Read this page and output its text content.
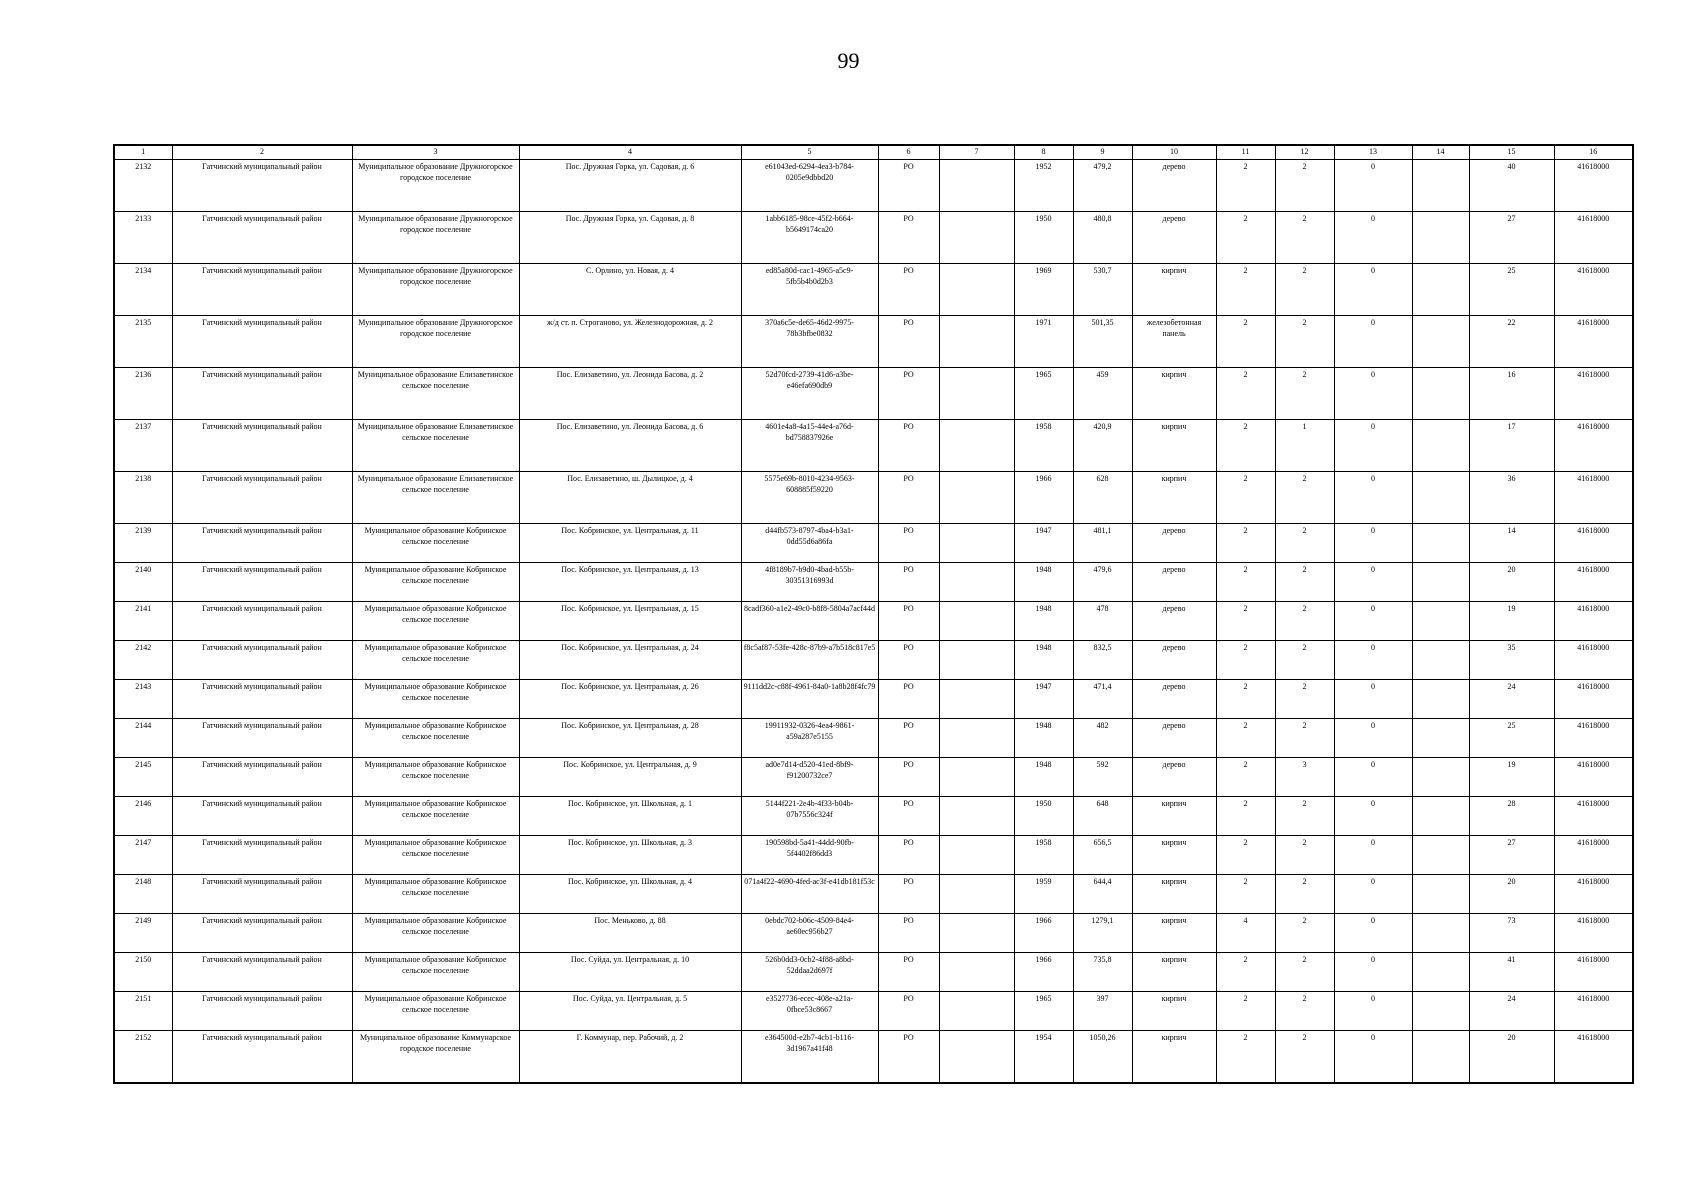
99
1	2	3	4	5	6	7	8	9	10	11	12	13	14	15	16
2132	Гатчинский муниципальный район	Муниципальное образование Дружногорское городское поселение	Пос. Дружная Горка, ул. Садовая, д. 6	e61043ed-6294-4ea3-b784-0205e9dbbd20	РО		1952	479,2	дерево	2	2	0		40	41618000
2133	Гатчинский муниципальный район	Муниципальное образование Дружногорское городское поселение	Пос. Дружная Горка, ул. Садовая, д. 8	1abb6185-98ce-45f2-b664-b5649174ca20	РО		1950	480,8	дерево	2	2	0		27	41618000
2134	Гатчинский муниципальный район	Муниципальное образование Дружногорское городское поселение	С. Орлино, ул. Новая, д. 4	ed85a80d-cac1-4965-a5c9-5fb5b4b0d2b3	РО		1969	530,7	кирпич	2	2	0		25	41618000
2135	Гатчинский муниципальный район	Муниципальное образование Дружногорское городское поселение	ж/д ст. п. Строганово, ул. Железнодорожная, д. 2	370a6c5e-de65-46d2-9975-78b3bfbe0832	РО		1971	501,35	железобетонная панель	2	2	0		22	41618000
2136	Гатчинский муниципальный район	Муниципальное образование Елизаветинское сельское поселение	Пос. Елизаветино, ул. Леонида Басова, д. 2	52d70fcd-2739-41d6-a3be-e46efa690db9	РО		1965	459	кирпич	2	2	0		16	41618000
2137	Гатчинский муниципальный район	Муниципальное образование Елизаветинское сельское поселение	Пос. Елизаветино, ул. Леонида Басова, д. 6	4601e4a8-4a15-44e4-a76d-bd758837926e	РО		1958	420,9	кирпич	2	1	0		17	41618000
2138	Гатчинский муниципальный район	Муниципальное образование Елизаветинское сельское поселение	Пос. Елизаветино, ш. Дылицкое, д. 4	5575e69b-8010-4234-9563-608885f59220	РО		1966	628	кирпич	2	2	0		36	41618000
2139	Гатчинский муниципальный район	Муниципальное образование Кобринское сельское поселение	Пос. Кобринское, ул. Центральная, д. 11	d44fb573-8797-4ba4-b3a1-0dd55d6a86fa	РО		1947	481,1	дерево	2	2	0		14	41618000
2140	Гатчинский муниципальный район	Муниципальное образование Кобринское сельское поселение	Пос. Кобринское, ул. Центральная, д. 13	4f8189b7-b9d0-4bad-b55b-30351316993d	РО		1948	479,6	дерево	2	2	0		20	41618000
2141	Гатчинский муниципальный район	Муниципальное образование Кобринское сельское поселение	Пос. Кобринское, ул. Центральная, д. 15	8cadf360-a1e2-49c0-b8f8-5804a7acf44d	РО		1948	478	дерево	2	2	0		19	41618000
2142	Гатчинский муниципальный район	Муниципальное образование Кобринское сельское поселение	Пос. Кобринское, ул. Центральная, д. 24	f8c5af87-53fe-428c-87b9-a7b518c817e5	РО		1948	832,5	дерево	2	2	0		35	41618000
2143	Гатчинский муниципальный район	Муниципальное образование Кобринское сельское поселение	Пос. Кобринское, ул. Центральная, д. 26	9111dd2c-c88f-4961-84a0-1a8b28f4fc79	РО		1947	471,4	дерево	2	2	0		24	41618000
2144	Гатчинский муниципальный район	Муниципальное образование Кобринское сельское поселение	Пос. Кобринское, ул. Центральная, д. 28	19911932-0326-4ea4-9861-a59a287e5155	РО		1948	482	дерево	2	2	0		25	41618000
2145	Гатчинский муниципальный район	Муниципальное образование Кобринское сельское поселение	Пос. Кобринское, ул. Центральная, д. 9	ad0e7d14-d520-41ed-8bf9-f91200732ce7	РО		1948	592	дерево	2	3	0		19	41618000
2146	Гатчинский муниципальный район	Муниципальное образование Кобринское сельское поселение	Пос. Кобринское, ул. Школьная, д. 1	5144f221-2e4b-4f33-b04b-07b7556c324f	РО		1950	648	кирпич	2	2	0		28	41618000
2147	Гатчинский муниципальный район	Муниципальное образование Кобринское сельское поселение	Пос. Кобринское, ул. Школьная, д. 3	190598bd-5a41-44dd-90fb-5f4402f86dd3	РО		1958	656,5	кирпич	2	2	0		27	41618000
2148	Гатчинский муниципальный район	Муниципальное образование Кобринское сельское поселение	Пос. Кобринское, ул. Школьная, д. 4	071a4f22-4690-4fed-ac3f-e41db181f53c	РО		1959	644,4	кирпич	2	2	0		20	41618000
2149	Гатчинский муниципальный район	Муниципальное образование Кобринское сельское поселение	Пос. Меньково, д. 88	0ebdc702-b06c-4509-84e4-ae60ec956b27	РО		1966	1279,1	кирпич	4	2	0		73	41618000
2150	Гатчинский муниципальный район	Муниципальное образование Кобринское сельское поселение	Пос. Суйда, ул. Центральная, д. 10	526b0dd3-0cb2-4f88-a8bd-52ddaa2d697f	РО		1966	735,8	кирпич	2	2	0		41	41618000
2151	Гатчинский муниципальный район	Муниципальное образование Кобринское сельское поселение	Пос. Суйда, ул. Центральная, д. 5	e3527736-ecec-408e-a21a-0fbce53c8667	РО		1965	397	кирпич	2	2	0		24	41618000
2152	Гатчинский муниципальный район	Муниципальное образование Коммунарское городское поселение	Г. Коммунар, пер. Рабочий, д. 2	e364500d-e2b7-4cb1-b116-3d1967a41f48	РО		1954	1050,26	кирпич	2	2	0		20	41618000
